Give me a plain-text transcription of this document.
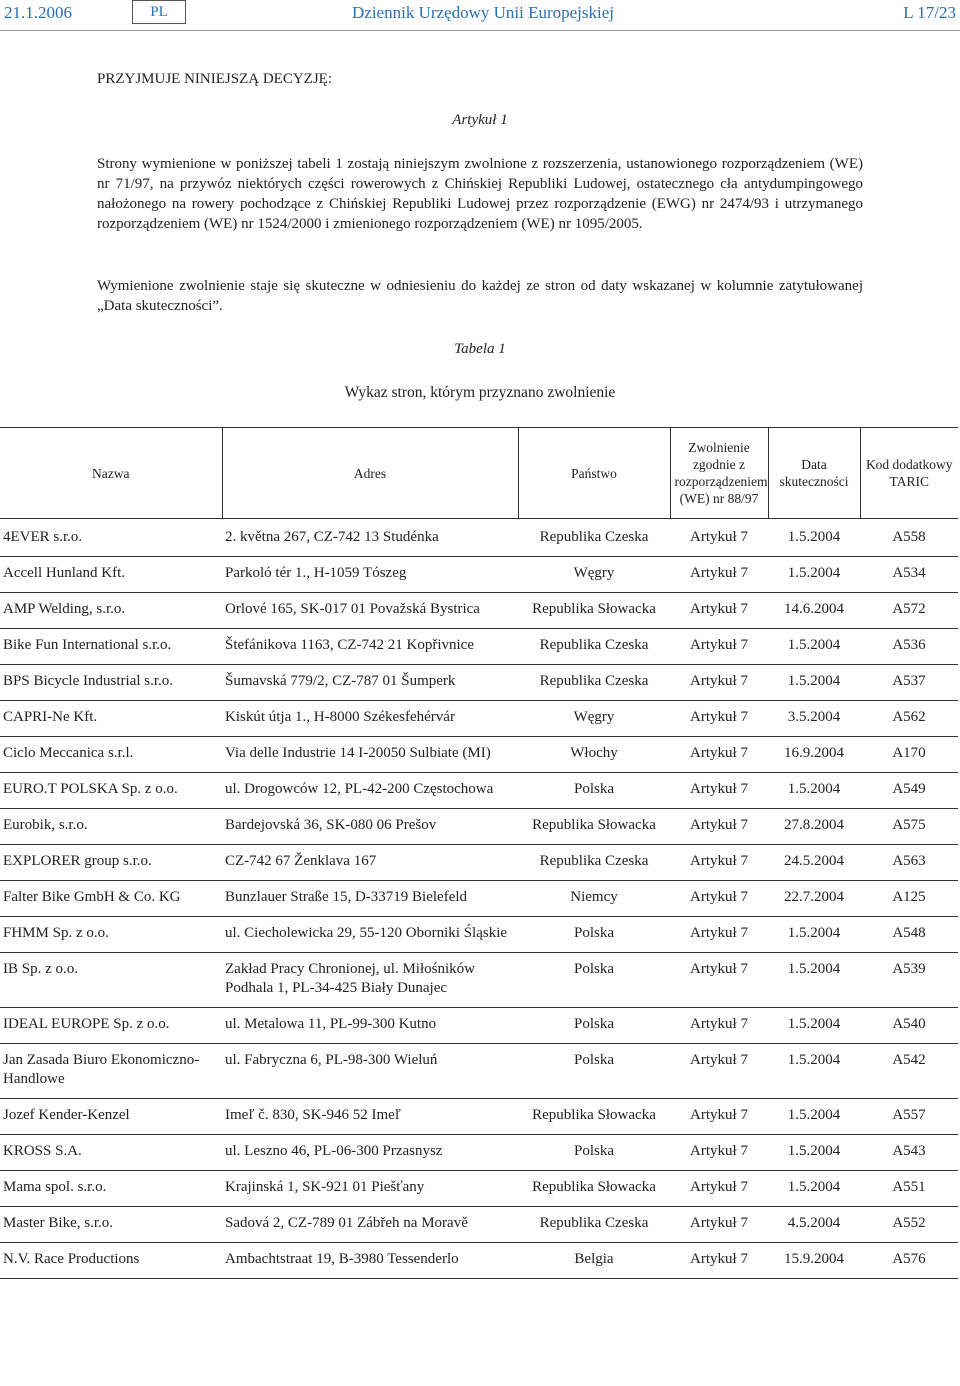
21.1.2006	PL	Dziennik Urzędowy Unii Europejskiej	L 17/23
PRZYJMUJE NINIEJSZĄ DECYZJĘ:
Artykuł 1
Strony wymienione w poniższej tabeli 1 zostają niniejszym zwolnione z rozszerzenia, ustanowionego rozporządzeniem (WE) nr 71/97, na przywóz niektórych części rowerowych z Chińskiej Republiki Ludowej, ostatecznego cła antydumpingowego nałożonego na rowery pochodzące z Chińskiej Republiki Ludowej przez rozporządzenie (EWG) nr 2474/93 i utrzymanego rozporządzeniem (WE) nr 1524/2000 i zmienionego rozporządzeniem (WE) nr 1095/2005.
Wymienione zwolnienie staje się skuteczne w odniesieniu do każdej ze stron od daty wskazanej w kolumnie zatytułowanej „Data skuteczności”.
Tabela 1
Wykaz stron, którym przyznano zwolnienie
Nazwa	Adres	Państwo	Zwolnienie zgodnie z rozporządzeniem (WE) nr 88/97	Data skuteczności	Kod dodatkowy TARIC
4EVER s.r.o.	2. května 267, CZ-742 13 Studénka	Republika Czeska	Artykuł 7	1.5.2004	A558
Accell Hunland Kft.	Parkoló tér 1., H-1059 Tószeg	Węgry	Artykuł 7	1.5.2004	A534
AMP Welding, s.r.o.	Orlové 165, SK-017 01 Považská Bystrica	Republika Słowacka	Artykuł 7	14.6.2004	A572
Bike Fun International s.r.o.	Štefánikova 1163, CZ-742 21 Kopřivnice	Republika Czeska	Artykuł 7	1.5.2004	A536
BPS Bicycle Industrial s.r.o.	Šumavská 779/2, CZ-787 01 Šumperk	Republika Czeska	Artykuł 7	1.5.2004	A537
CAPRI-Ne Kft.	Kiskút útja 1., H-8000 Székesfehérvár	Węgry	Artykuł 7	3.5.2004	A562
Ciclo Meccanica s.r.l.	Via delle Industrie 14 I-20050 Sulbiate (MI)	Włochy	Artykuł 7	16.9.2004	A170
EURO.T POLSKA Sp. z o.o.	ul. Drogowców 12, PL-42-200 Częstochowa	Polska	Artykuł 7	1.5.2004	A549
Eurobik, s.r.o.	Bardejovská 36, SK-080 06 Prešov	Republika Słowacka	Artykuł 7	27.8.2004	A575
EXPLORER group s.r.o.	CZ-742 67 Ženklava 167	Republika Czeska	Artykuł 7	24.5.2004	A563
Falter Bike GmbH & Co. KG	Bunzlauer Straße 15, D-33719 Bielefeld	Niemcy	Artykuł 7	22.7.2004	A125
FHMM Sp. z o.o.	ul. Ciecholewicka 29, 55-120 Oborniki Śląskie	Polska	Artykuł 7	1.5.2004	A548
IB Sp. z o.o.	Zakład Pracy Chronionej, ul. Miłośników Podhala 1, PL-34-425 Biały Dunajec	Polska	Artykuł 7	1.5.2004	A539
IDEAL EUROPE Sp. z o.o.	ul. Metalowa 11, PL-99-300 Kutno	Polska	Artykuł 7	1.5.2004	A540
Jan Zasada Biuro Ekonomiczno-Handlowe	ul. Fabryczna 6, PL-98-300 Wieluń	Polska	Artykuł 7	1.5.2004	A542
Jozef Kender-Kenzel	Imeľ č. 830, SK-946 52 Imeľ	Republika Słowacka	Artykuł 7	1.5.2004	A557
KROSS S.A.	ul. Leszno 46, PL-06-300 Przasnysz	Polska	Artykuł 7	1.5.2004	A543
Mama spol. s.r.o.	Krajinská 1, SK-921 01 Piešťany	Republika Słowacka	Artykuł 7	1.5.2004	A551
Master Bike, s.r.o.	Sadová 2, CZ-789 01 Zábřeh na Moravě	Republika Czeska	Artykuł 7	4.5.2004	A552
N.V. Race Productions	Ambachtstraat 19, B-3980 Tessenderlo	Belgia	Artykuł 7	15.9.2004	A576
